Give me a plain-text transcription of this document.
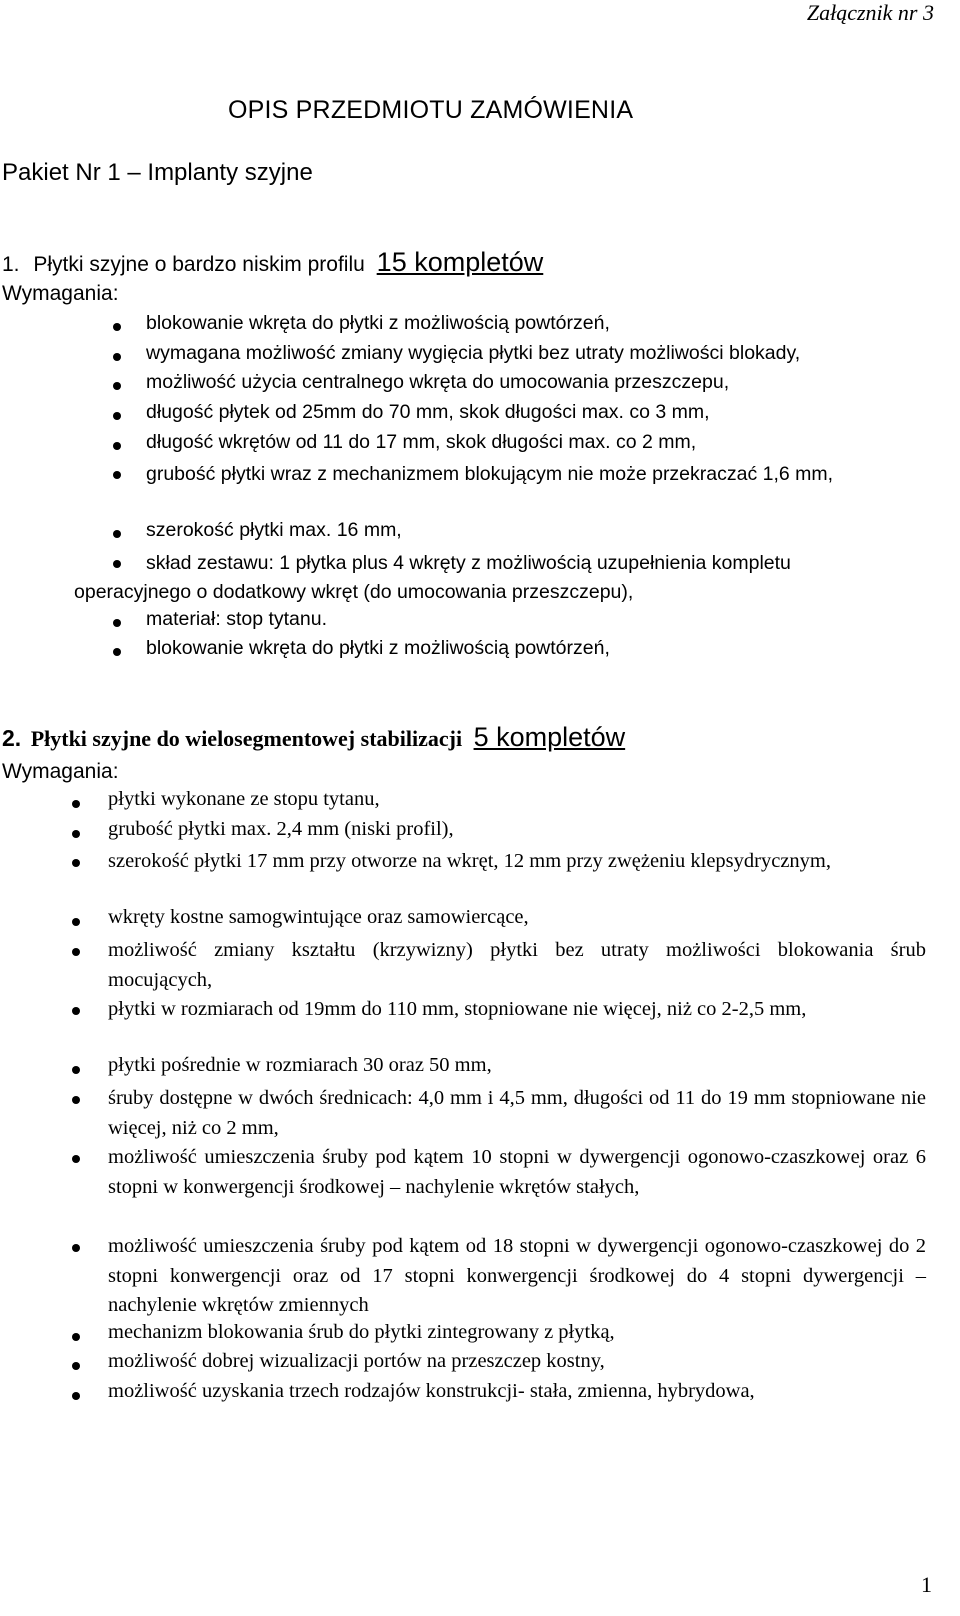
Załącznik nr 3
OPIS PRZEDMIOTU ZAMÓWIENIA
Pakiet Nr 1 – Implanty szyjne
1. Płytki szyjne o bardzo niskim profilu 15 kompletów
Wymagania:
blokowanie wkręta do płytki z możliwością powtórzeń,
wymagana możliwość zmiany wygięcia płytki bez utraty możliwości blokady,
możliwość użycia centralnego wkręta do umocowania przeszczepu,
długość płytek od 25mm do 70 mm, skok długości max. co 3 mm,
długość wkrętów od 11 do 17 mm, skok długości max. co 2 mm,
grubość płytki wraz z mechanizmem blokującym nie może przekraczać 1,6 mm,
szerokość płytki max. 16 mm,
skład zestawu: 1 płytka plus 4 wkręty z możliwością uzupełnienia kompletu operacyjnego o dodatkowy wkręt (do umocowania przeszczepu),
materiał: stop tytanu.
blokowanie wkręta do płytki z możliwością powtórzeń,
2. Płytki szyjne do wielosegmentowej stabilizacji 5 kompletów
Wymagania:
płytki wykonane ze stopu tytanu,
grubość płytki max. 2,4 mm (niski profil),
szerokość płytki 17 mm przy otworze na wkręt, 12 mm przy zwężeniu klepsydrycznym,
wkręty kostne samogwintujące oraz samowiercące,
możliwość zmiany kształtu (krzywizny) płytki bez utraty możliwości blokowania śrub mocujących,
płytki w rozmiarach od 19mm do 110 mm, stopniowane nie więcej, niż co 2-2,5 mm,
płytki pośrednie w rozmiarach 30 oraz 50 mm,
śruby dostępne w dwóch średnicach: 4,0 mm i 4,5 mm, długości od 11 do 19 mm stopniowane nie więcej, niż co 2 mm,
możliwość umieszczenia śruby pod kątem 10 stopni w dywergencji ogonowo-czaszkowej oraz 6 stopni w konwergencji środkowej – nachylenie wkrętów stałych,
możliwość umieszczenia śruby pod kątem od 18 stopni w dywergencji ogonowo-czaszkowej do 2 stopni konwergencji oraz od 17 stopni konwergencji środkowej do 4 stopni dywergencji – nachylenie wkrętów zmiennych
mechanizm blokowania śrub do płytki zintegrowany z płytką,
możliwość dobrej wizualizacji portów na przeszczep kostny,
możliwość uzyskania trzech rodzajów konstrukcji- stała, zmienna, hybrydowa,
1
